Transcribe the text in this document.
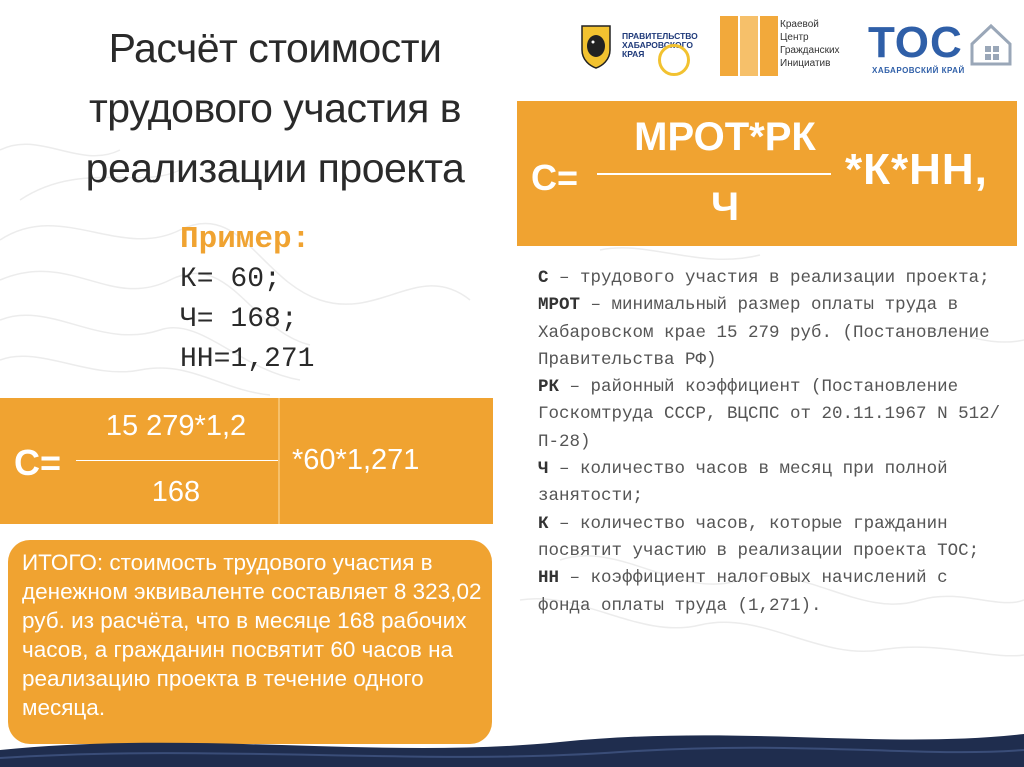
Расчёт стоимости
трудового участия в
реализации проекта
ПРАВИТЕЛЬСТВО ХАБАРОВСКОГО КРАЯ
Краевой
Центр
Гражданских
Инициатив ТОС
ХАБАРОВСКИЙ КРАЙ
С=
МРОТ*РК
Ч
*К*НН,
Пример:
К= 60;
Ч= 168;
НН=1,271
С=
15 279*1,2
168
*60*1,271
ИТОГО: стоимость трудового участия в денежном эквиваленте составляет 8 323,02 руб. из расчёта, что в месяце 168 рабочих часов, а гражданин посвятит 60 часов на реализацию проекта в течение одного месяца.

С – трудового участия в реализации проекта;

МРОТ – минимальный размер оплаты труда в Хабаровском крае 15 279 руб. (Постановление Правительства РФ)

РК – районный коэффициент (Постановление Госкомтруда СССР, ВЦСПС от 20.11.1967 N 512/П-28)

Ч – количество часов в месяц при полной занятости;

К – количество часов, которые гражданин посвятит участию в реализации проекта ТОС;

НН – коэффициент налоговых начислений с фонда оплаты труда (1,271).
